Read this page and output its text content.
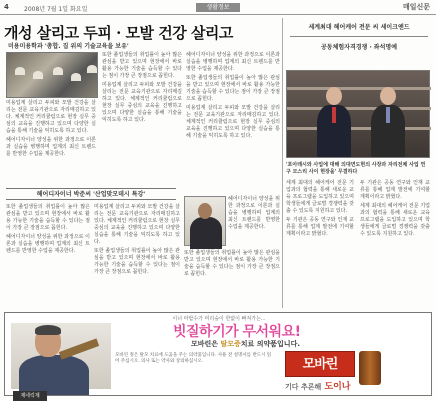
4	2008년 7월 1일 화요일	생활정보	매일신문
개성 살리고 두피 · 모발 건강 살리고
미용미용학과 '총합. 집 위의 기술교육을 보유'

미용업계 살리고 두피와 모발 건강을 살리는 전문 교육기관으로 자리매김하고 있다. 체계적인 커리큘럼으로 현장 실무 중심의 교육을 진행하고 있으며 다양한 실습을 통해 기술을 익히도록 하고 있다.

헤어디자이너 양성을 위한 과정으로 이론과 실습을 병행하며 업계의 최신 트렌드를 반영한 수업을 제공한다.

또한 졸업생들의 취업률이 높아 많은 관심을 받고 있으며 현장에서 바로 활용 가능한 기술을 습득할 수 있다는 점이 가장 큰 장점으로 꼽힌다.

미용업계 살리고 두피와 모발 건강을 살리는 전문 교육기관으로 자리매김하고 있다. 체계적인 커리큘럼으로 현장 실무 중심의 교육을 진행하고 있으며 다양한 실습을 통해 기술을 익히도록 하고 있다.

헤어디자이너 양성을 위한 과정으로 이론과 실습을 병행하며 업계의 최신 트렌드를 반영한 수업을 제공한다.

또한 졸업생들의 취업률이 높아 많은 관심을 받고 있으며 현장에서 바로 활용 가능한 기술을 습득할 수 있다는 점이 가장 큰 장점으로 꼽힌다.

미용업계 살리고 두피와 모발 건강을 살리는 전문 교육기관으로 자리매김하고 있다. 체계적인 커리큘럼으로 현장 실무 중심의 교육을 진행하고 있으며 다양한 실습을 통해 기술을 익히도록 하고 있다.

헤어디자이너 박준씨 '산업맞모데시 특강'

또한 졸업생들의 취업률이 높아 많은 관심을 받고 있으며 현장에서 바로 활용 가능한 기술을 습득할 수 있다는 점이 가장 큰 장점으로 꼽힌다.

헤어디자이너 양성을 위한 과정으로 이론과 실습을 병행하며 업계의 최신 트렌드를 반영한 수업을 제공한다.

미용업계 살리고 두피와 모발 건강을 살리는 전문 교육기관으로 자리매김하고 있다. 체계적인 커리큘럼으로 현장 실무 중심의 교육을 진행하고 있으며 다양한 실습을 통해 기술을 익히도록 하고 있다.

또한 졸업생들의 취업률이 높아 많은 관심을 받고 있으며 현장에서 바로 활용 가능한 기술을 습득할 수 있다는 점이 가장 큰 장점으로 꼽힌다.

헤어디자이너 양성을 위한 과정으로 이론과 실습을 병행하며 업계의 최신 트렌드를 반영한 수업을 제공한다.

또한 졸업생들의 취업률이 높아 많은 관심을 받고 있으며 현장에서 바로 활용 가능한 기술을 습득할 수 있다는 점이 가장 큰 장점으로 꼽힌다.

세계최대 헤어케어 전문 씨 세이크앤드
공동체험자격경쟁 · 좌석명예
'포아래시와 사업에 대해 의대면도현의 사장과 자리전체 사업 연구 모스리 사이 현장을' 무결하다

세계 최대의 헤어케어 전문 기업과의 협력을 통해 새로운 교육 프로그램을 도입하고 있으며 학생들에게 글로벌 경쟁력을 갖출 수 있도록 지원하고 있다.

두 기관은 공동 연구와 인재 교류를 통해 업계 발전에 기여할 계획이라고 밝혔다.

두 기관은 공동 연구와 인재 교류를 통해 업계 발전에 기여할 계획이라고 밝혔다.

세계 최대의 헤어케어 전문 기업과의 협력을 통해 새로운 교육 프로그램을 도입하고 있으며 학생들에게 글로벌 경쟁력을 갖출 수 있도록 지원하고 있다.

이너 마랍수가 머리숲이 한없이 빠져가는...
제네릭제
빗질하기가 무서워요!
모바린은 탈모증치료 의약품입니다.
모바린 정은 탈모 치료에 도움을 주는 의약품입니다. 사용 전 설명서를 반드시 읽어 주십시오. 의사 또는 약사와 상의하십시오.	모바린
기다 추론해 도이나
